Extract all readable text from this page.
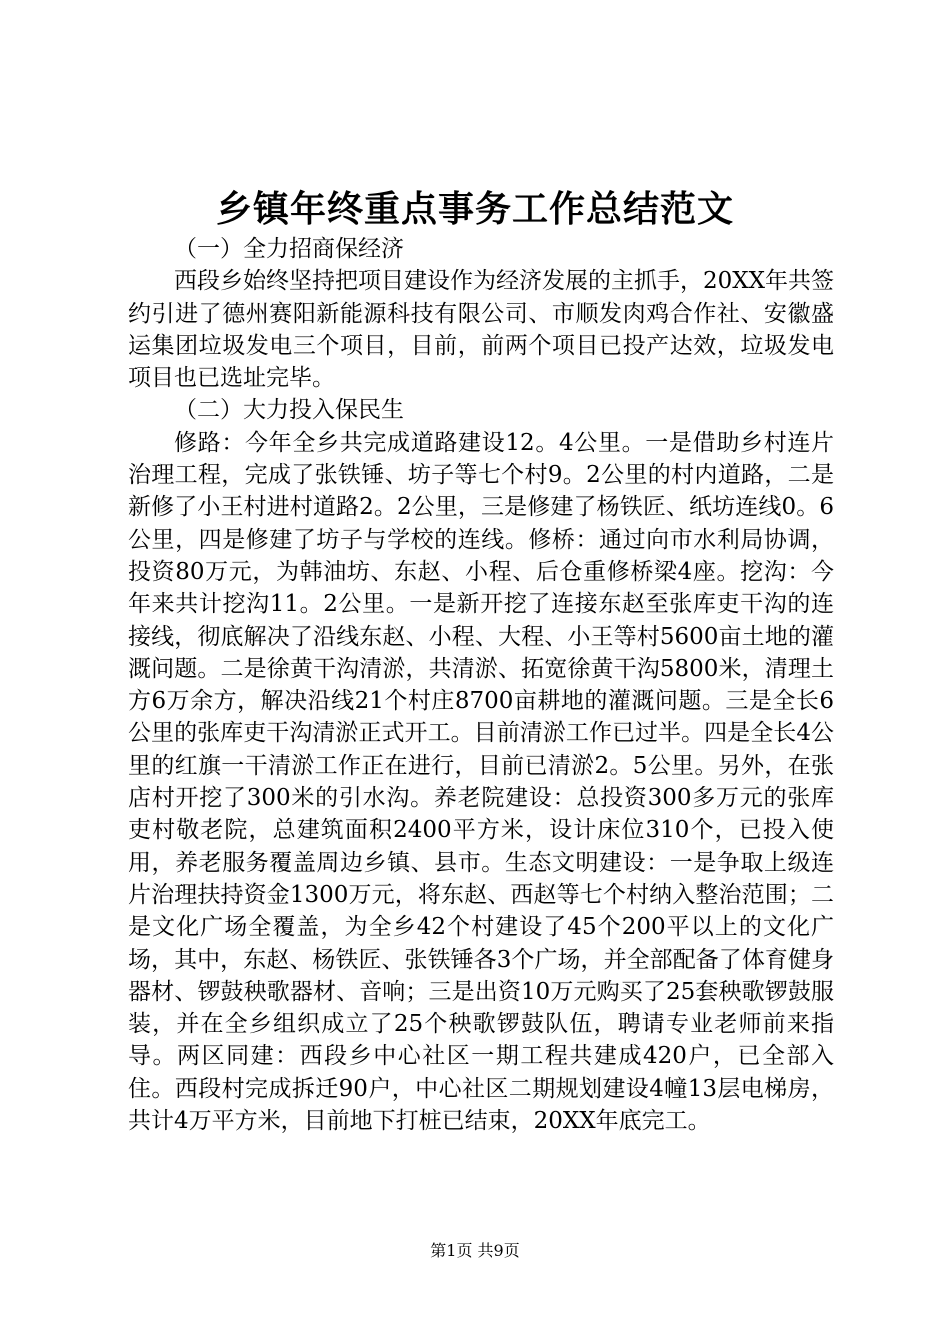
乡镇年终重点事务工作总结范文

（一）全力招商保经济

西段乡始终坚持把项目建设作为经济发展的主抓手，20XX年共签约引进了德州赛阳新能源科技有限公司、市顺发肉鸡合作社、安徽盛运集团垃圾发电三个项目，目前，前两个项目已投产达效，垃圾发电项目也已选址完毕。

（二）大力投入保民生

修路：今年全乡共完成道路建设12。4公里。一是借助乡村连片治理工程，完成了张铁锤、坊子等七个村9。2公里的村内道路，二是新修了小王村进村道路2。2公里，三是修建了杨铁匠、纸坊连线0。6公里，四是修建了坊子与学校的连线。修桥：通过向市水利局协调，投资80万元，为韩油坊、东赵、小程、后仓重修桥梁4座。挖沟：今年来共计挖沟11。2公里。一是新开挖了连接东赵至张库吏干沟的连接线，彻底解决了沿线东赵、小程、大程、小王等村5600亩土地的灌溉问题。二是徐黄干沟清淤，共清淤、拓宽徐黄干沟5800米，清理土方6万余方，解决沿线21个村庄8700亩耕地的灌溉问题。三是全长6公里的张库吏干沟清淤正式开工。目前清淤工作已过半。四是全长4公里的红旗一干清淤工作正在进行，目前已清淤2。5公里。另外，在张店村开挖了300米的引水沟。养老院建设：总投资300多万元的张库吏村敬老院，总建筑面积2400平方米，设计床位310个，已投入使用，养老服务覆盖周边乡镇、县市。生态文明建设：一是争取上级连片治理扶持资金1300万元，将东赵、西赵等七个村纳入整治范围；二是文化广场全覆盖，为全乡42个村建设了45个200平以上的文化广场，其中，东赵、杨铁匠、张铁锤各3个广场，并全部配备了体育健身器材、锣鼓秧歌器材、音响；三是出资10万元购买了25套秧歌锣鼓服装，并在全乡组织成立了25个秧歌锣鼓队伍，聘请专业老师前来指导。两区同建：西段乡中心社区一期工程共建成420户，已全部入住。西段村完成拆迁90户，中心社区二期规划建设4幢13层电梯房，共计4万平方米，目前地下打桩已结束，20XX年底完工。

第1页 共9页
